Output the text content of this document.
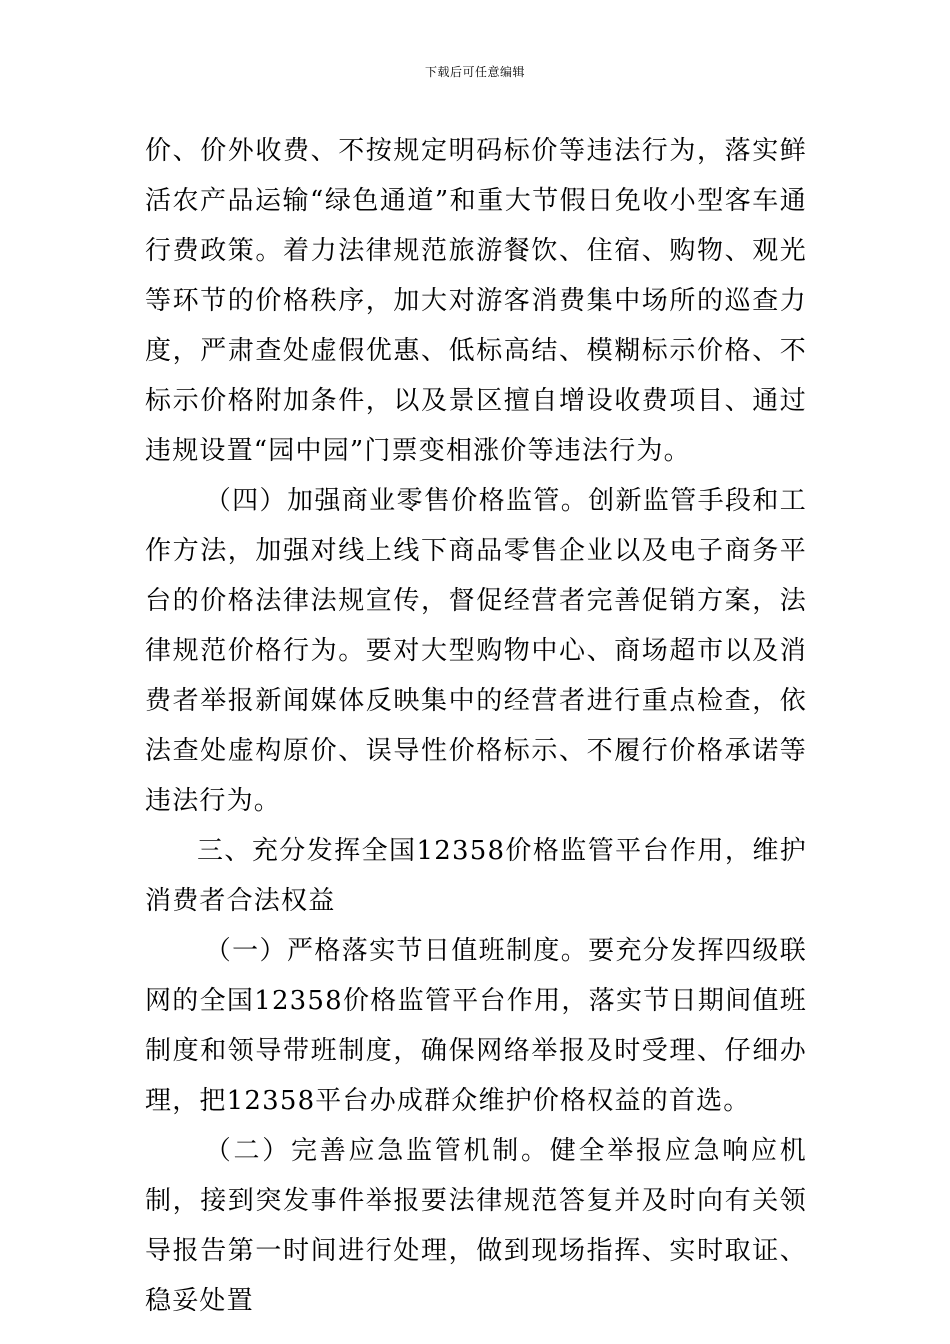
下载后可任意编辑

价、价外收费、不按规定明码标价等违法行为，落实鲜活农产品运输“绿色通道”和重大节假日免收小型客车通行费政策。着力法律规范旅游餐饮、住宿、购物、观光等环节的价格秩序，加大对游客消费集中场所的巡查力度，严肃查处虚假优惠、低标高结、模糊标示价格、不标示价格附加条件，以及景区擅自增设收费项目、通过违规设置“园中园”门票变相涨价等违法行为。

（四）加强商业零售价格监管。创新监管手段和工作方法，加强对线上线下商品零售企业以及电子商务平台的价格法律法规宣传，督促经营者完善促销方案，法律规范价格行为。要对大型购物中心、商场超市以及消费者举报新闻媒体反映集中的经营者进行重点检查，依法查处虚构原价、误导性价格标示、不履行价格承诺等违法行为。

三、充分发挥全国12358价格监管平台作用，维护消费者合法权益

（一）严格落实节日值班制度。要充分发挥四级联网的全国12358价格监管平台作用，落实节日期间值班制度和领导带班制度，确保网络举报及时受理、仔细办理，把12358平台办成群众维护价格权益的首选。

（二）完善应急监管机制。健全举报应急响应机制，接到突发事件举报要法律规范答复并及时向有关领导报告第一时间进行处理，做到现场指挥、实时取证、稳妥处置
